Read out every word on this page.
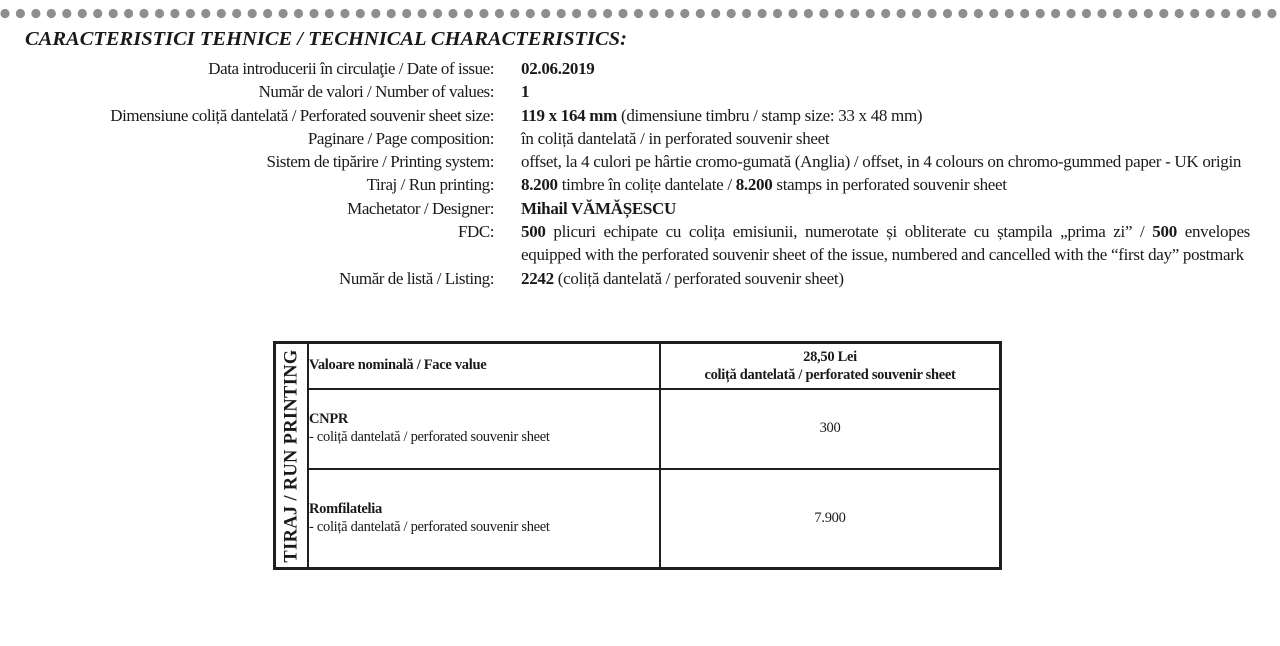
CARACTERISTICI TEHNICE / TECHNICAL CHARACTERISTICS:
Data introducerii în circulaţie / Date of issue: 02.06.2019
Număr de valori / Number of values: 1
Dimensiune coliță dantelată / Perforated souvenir sheet size: 119 x 164 mm (dimensiune timbru / stamp size: 33 x 48 mm)
Paginare / Page composition: în coliță dantelată / in perforated souvenir sheet
Sistem de tipărire / Printing system: offset, la 4 culori pe hârtie cromo-gumată (Anglia) / offset, in 4 colours on chromo-gummed paper - UK origin
Tiraj / Run printing: 8.200 timbre în colițe dantelate / 8.200 stamps in perforated souvenir sheet
Machetator / Designer: Mihail VĂMĂȘESCU
FDC: 500 plicuri echipate cu colița emisiunii, numerotate și obliterate cu ștampila „prima zi” / 500 envelopes equipped with the perforated souvenir sheet of the issue, numbered and cancelled with the “first day” postmark
Număr de listă / Listing: 2242 (coliță dantelată / perforated souvenir sheet)
TIRAJ / RUN PRINTING	Valoare nominală / Face value	28,50 Lei
coliță dantelată / perforated souvenir sheet

	CNPR
- coliță dantelată / perforated souvenir sheet	300

	Romfilatelia
- coliță dantelată / perforated souvenir sheet	7.900
